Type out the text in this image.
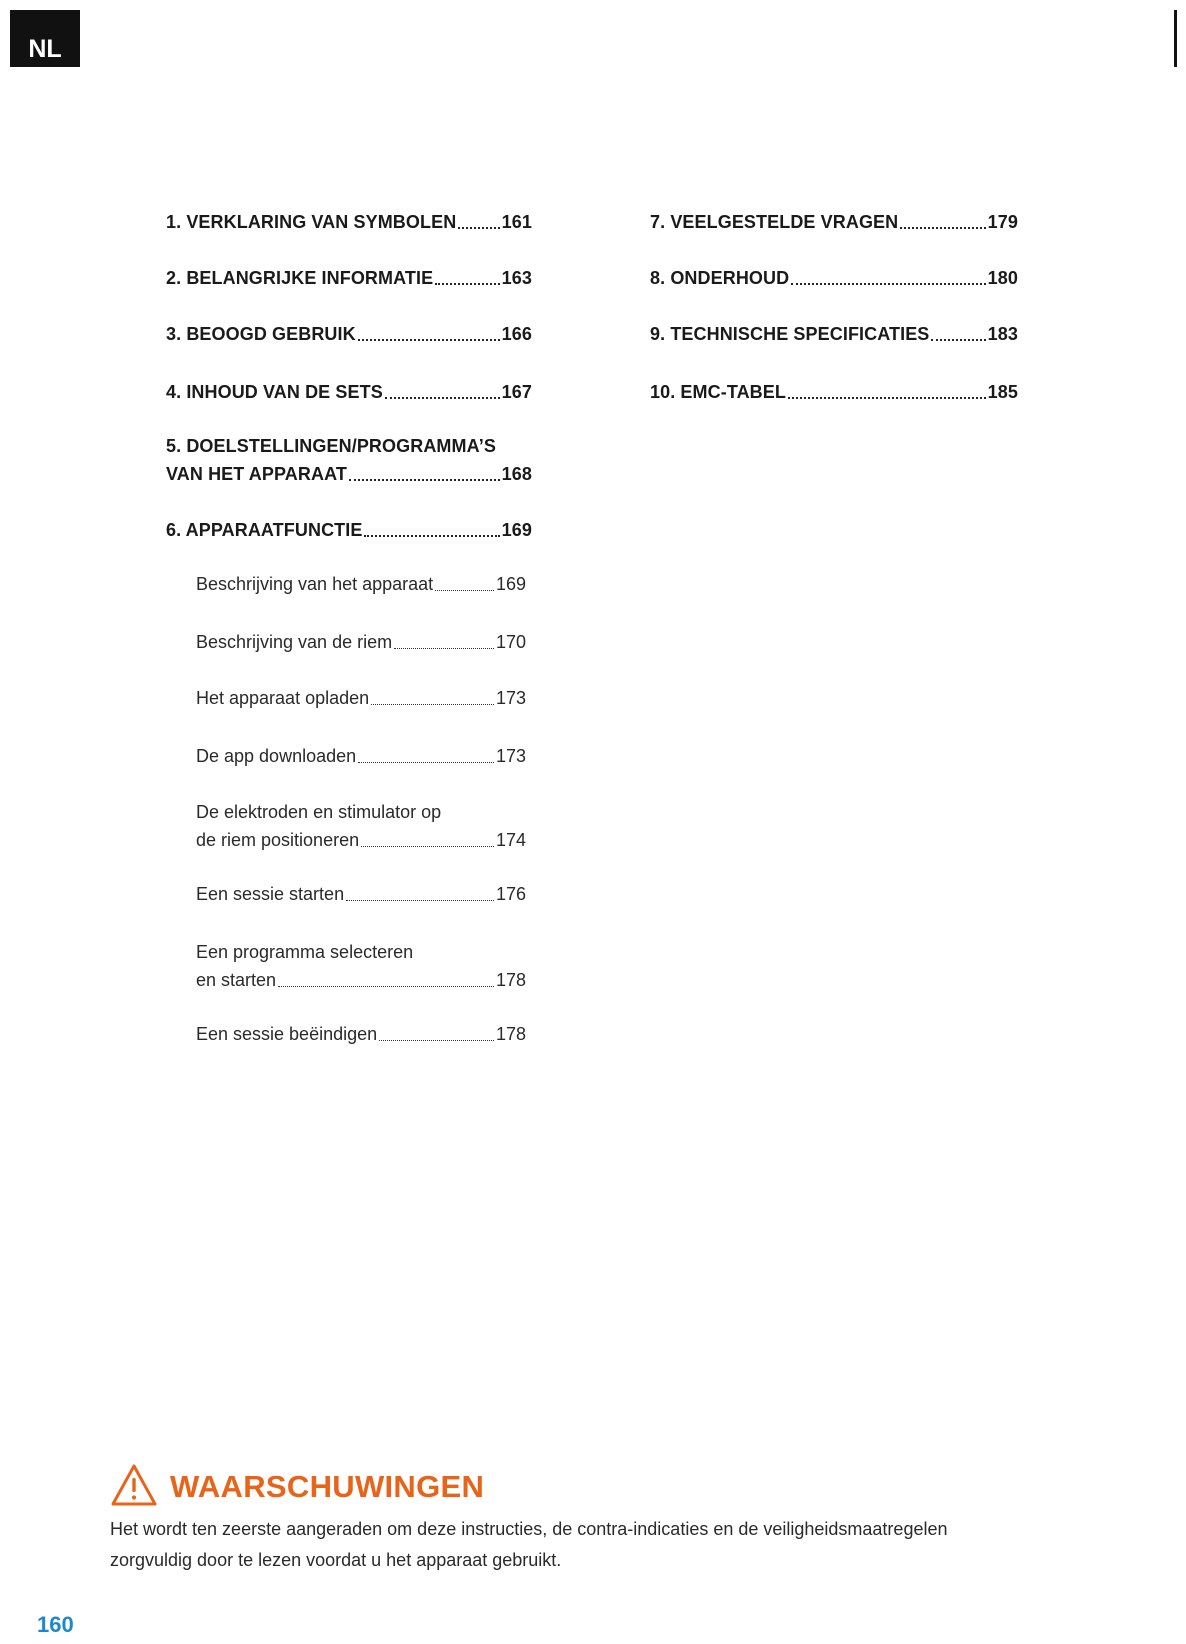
NL
1. VERKLARING VAN SYMBOLEN	161
2. BELANGRIJKE INFORMATIE	163
3. BEOOGD GEBRUIK	166
4. INHOUD VAN DE SETS	167
5. DOELSTELLINGEN/PROGRAMMA’S
VAN HET APPARAAT	168
6. APPARAATFUNCTIE	169
Beschrijving van het apparaat	169
Beschrijving van de riem	170
Het apparaat opladen	173
De app downloaden	173
De elektroden en stimulator op
de riem positioneren	174
Een sessie starten	176
Een programma selecteren
en starten	178
Een sessie beëindigen	178
7. VEELGESTELDE VRAGEN	179
8. ONDERHOUD	180
9. TECHNISCHE SPECIFICATIES	183
10. EMC-TABEL	185
WAARSCHUWINGEN
Het wordt ten zeerste aangeraden om deze instructies, de contra-indicaties en de veiligheidsmaatregelen zorgvuldig door te lezen voordat u het apparaat gebruikt.
160
